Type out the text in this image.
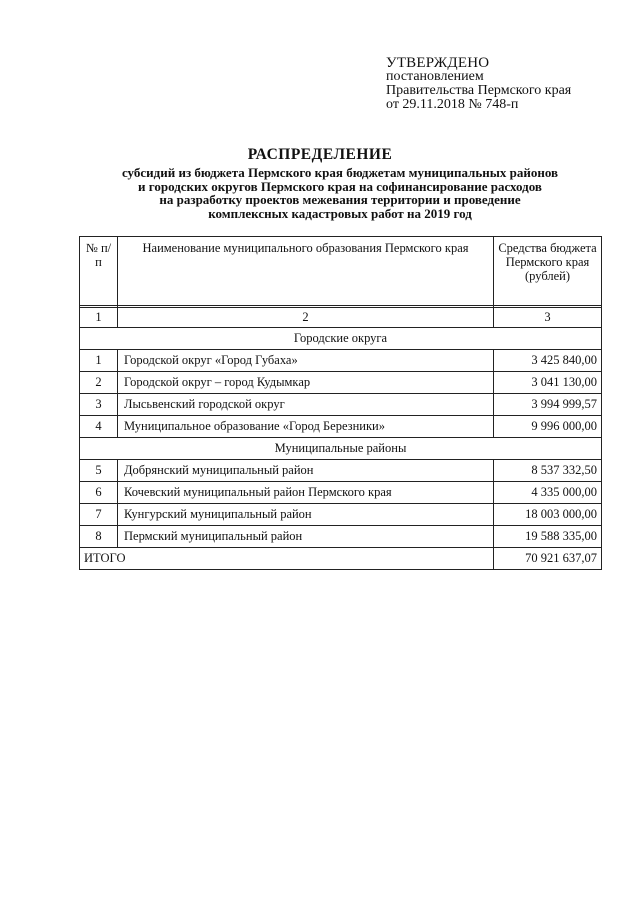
УТВЕРЖДЕНО
постановлением
Правительства Пермского края
от 29.11.2018 № 748-п
РАСПРЕДЕЛЕНИЕ
субсидий из бюджета Пермского края бюджетам муниципальных районов
и городских округов Пермского края на софинансирование расходов
на разработку проектов межевания территории и проведение
комплексных кадастровых работ на 2019 год
№ п/п	Наименование муниципального образования Пермского края	Средства бюджета Пермского края (рублей)

1	2	3
Городские округа		
1	Городской округ «Город Губаха»	3 425 840,00
2	Городской округ – город Кудымкар	3 041 130,00
3	Лысьвенский городской округ	3 994 999,57
4	Муниципальное образование «Город Березники»	9 996 000,00
Муниципальные районы		
5	Добрянский муниципальный район	8 537 332,50
6	Кочевский муниципальный район Пермского края	4 335 000,00
7	Кунгурский муниципальный район	18 003 000,00
8	Пермский муниципальный район	19 588 335,00
ИТОГО		70 921 637,07
